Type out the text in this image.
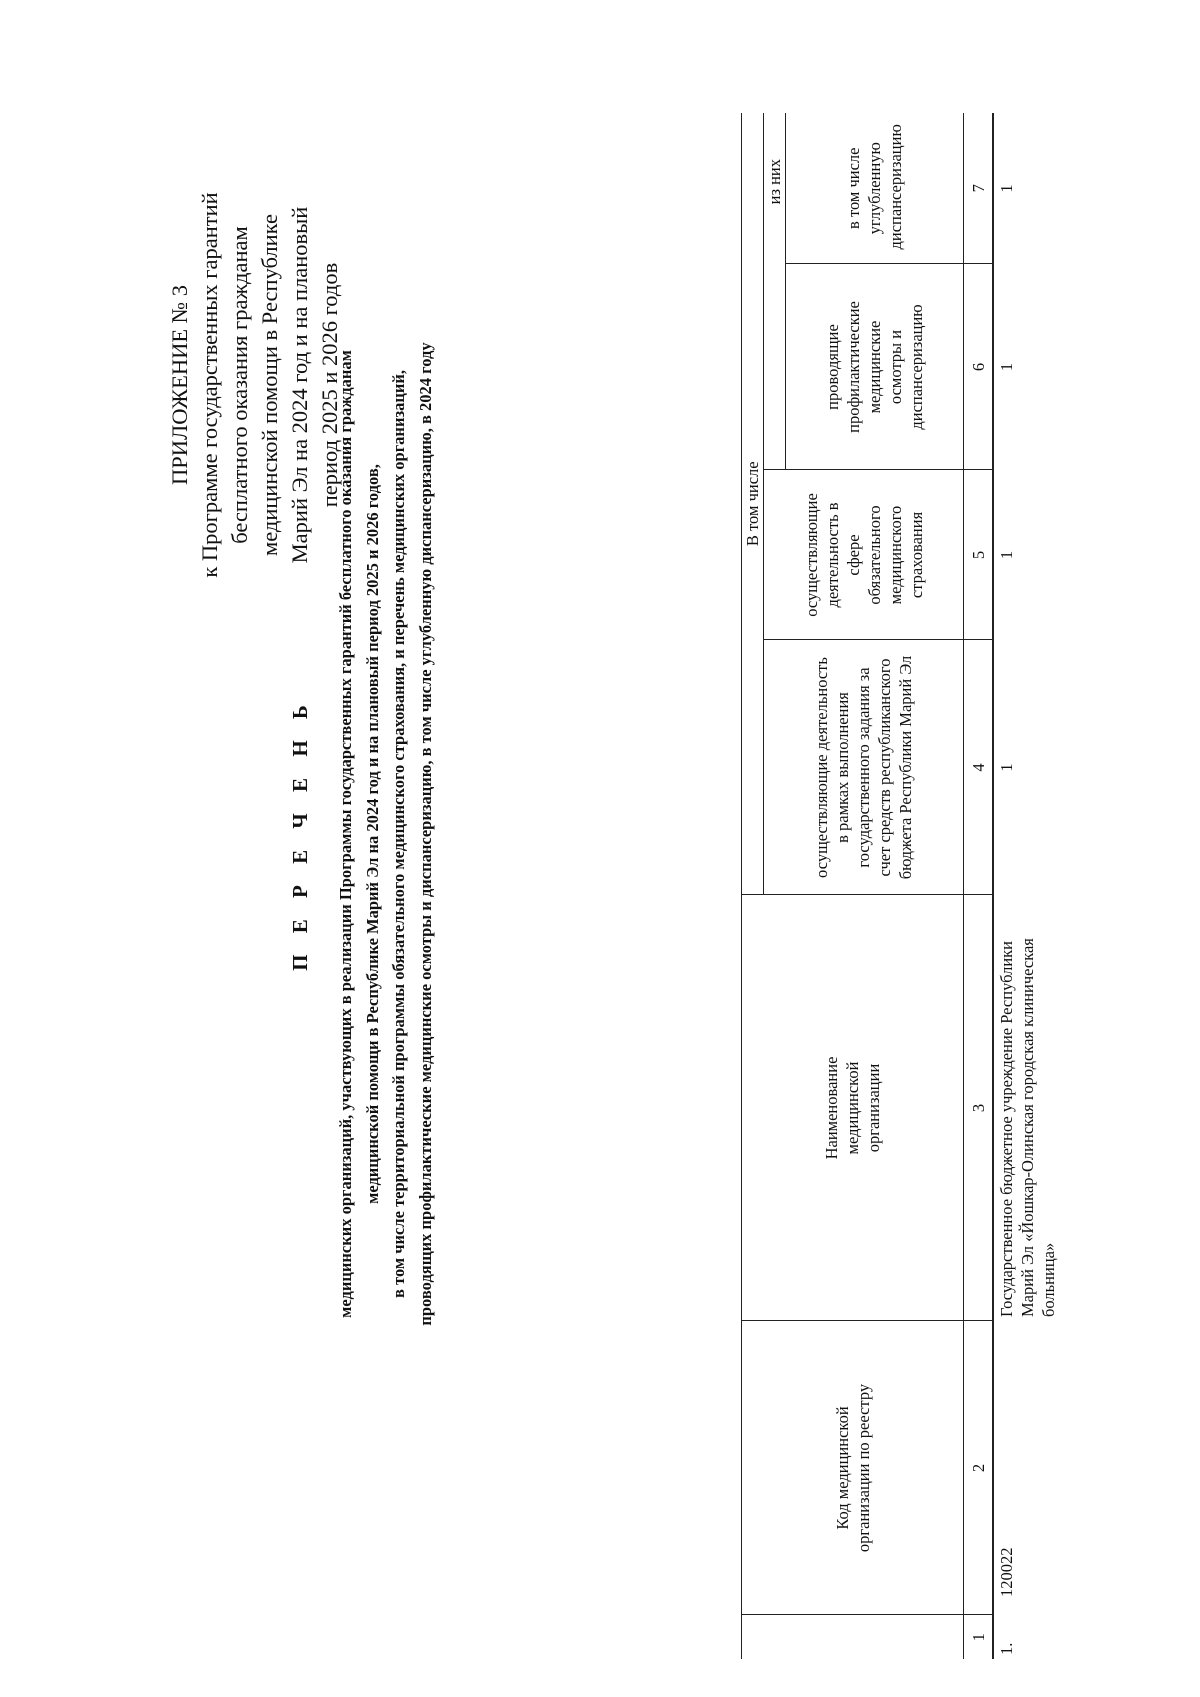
ПРИЛОЖЕНИЕ № 3 к Программе государственных гарантий бесплатного оказания гражданам медицинской помощи в Республике Марий Эл на 2024 год и на плановый период 2025 и 2026 годов
П Е Р Е Ч Е Н Ь	медицинских организаций, участвующих в реализации Программы государственных гарантий бесплатного оказания гражданам медицинской помощи в Республике Марий Эл на 2024 год и на плановый период 2025 и 2026 годов, в том числе территориальной программы обязательного медицинского страхования, и перечень медицинских организаций, проводящих профилактические медицинские осмотры и диспансеризацию, в том числе углубленную диспансеризацию, в 2024 году
	Код медицинской организации по реестру	Наименование медицинской организации	В том числе			
			осуществляющие деятельность в рамках выполнения государственного задания за счет средств республиканского бюджета Республики Марий Эл	осуществляющие деятельность в сфере обязательного медицинского страхования	из них	
					проводящие профилактические медицинские осмотры и диспансеризацию	в том числе углубленную диспансеризацию
1	2	3	4	5	6	7
1.	120022	Государственное бюджетное учреждение Республики Марий Эл «Йошкар-Олинская городская клиническая больница»	1	1	1	1
